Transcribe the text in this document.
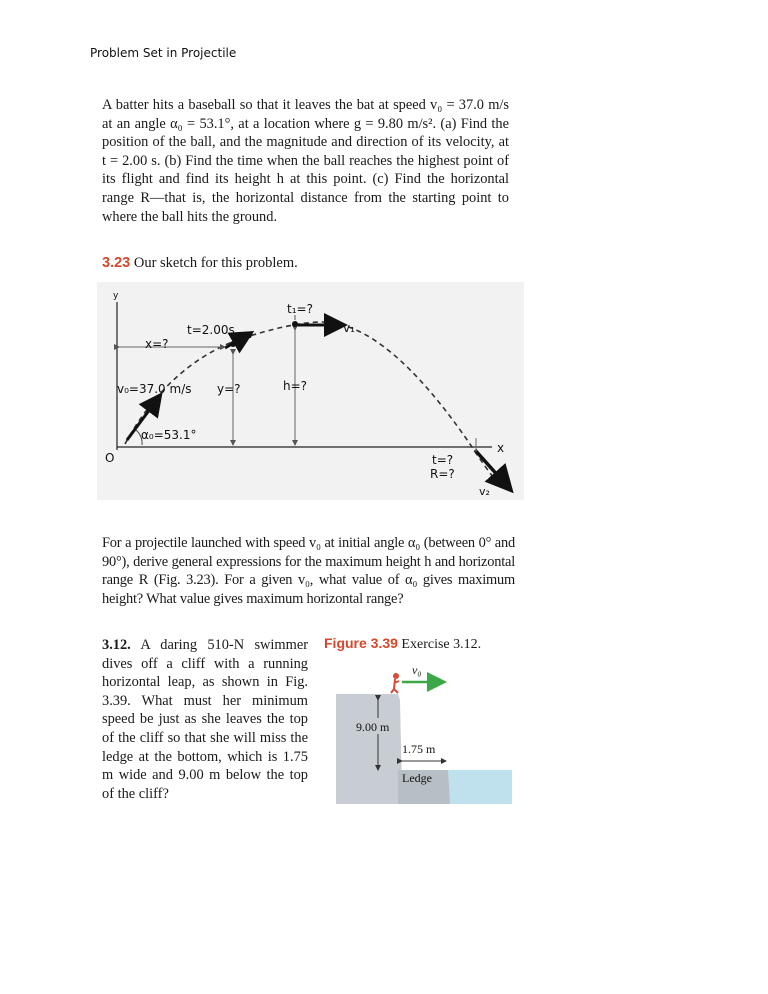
Problem Set in Projectile

A batter hits a baseball so that it leaves the bat at speed v₀ = 37.0 m/s at an angle α₀ = 53.1°, at a location where g = 9.80 m/s². (a) Find the position of the ball, and the magnitude and direction of its velocity, at t = 2.00 s. (b) Find the time when the ball reaches the highest point of its flight and find its height h at this point. (c) Find the horizontal range R—that is, the horizontal distance from the starting point to where the ball hits the ground.

3.23 Our sketch for this problem.
y
O
x
t₁=?
v₁
t=2.00s v
x=?
v₀=37.0 m/s y=?	h=?
α₀=53.1°
t=?
R=?
v₂

For a projectile launched with speed v₀ at initial angle α₀ (between 0° and 90°), derive general expressions for the maximum height h and horizontal range R (Fig. 3.23). For a given v₀, what value of α₀ gives maximum height? What value gives maximum horizontal range?

3.12. A daring 510-N swimmer dives off a cliff with a running horizontal leap, as shown in Fig. 3.39. What must her minimum speed be just as she leaves the top of the cliff so that she will miss the ledge at the bottom, which is 1.75 m wide and 9.00 m below the top of the cliff?

Figure 3.39 Exercise 3.12.
v₀
9.00 m
1.75 m
Ledge
